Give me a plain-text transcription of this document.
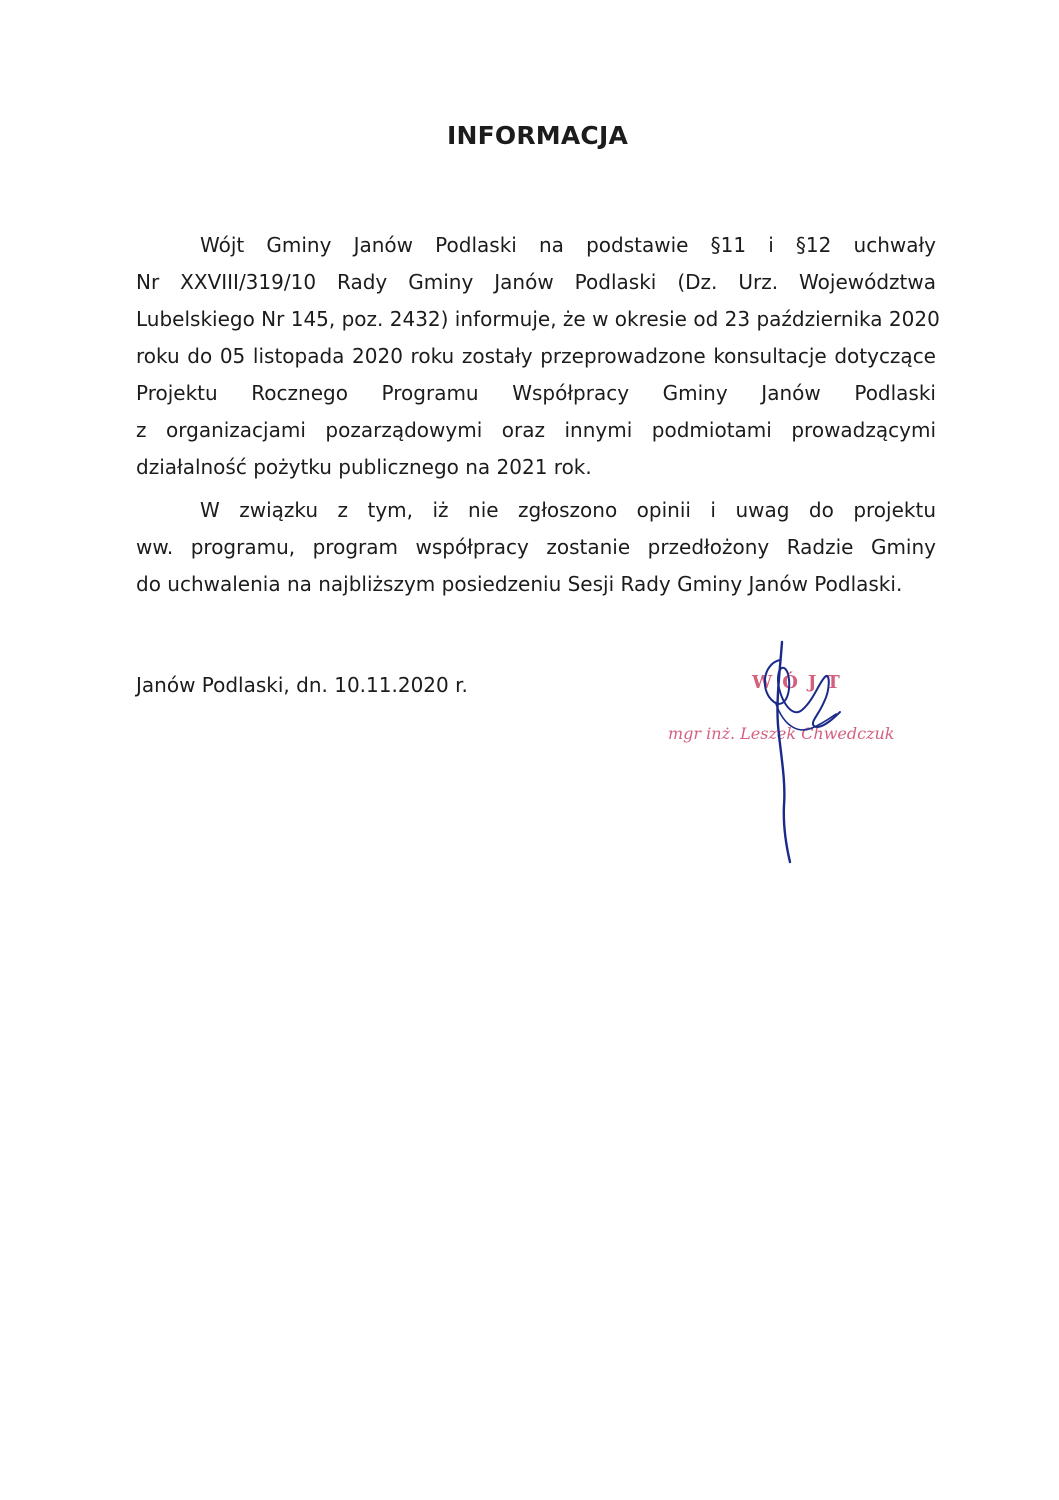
INFORMACJA

Wójt Gminy Janów Podlaski na podstawie §11 i §12 uchwały
Nr XXVIII/319/10 Rady Gminy Janów Podlaski (Dz. Urz. Województwa
Lubelskiego Nr 145, poz. 2432) informuje, że w okresie od 23 października 2020
roku do 05 listopada 2020 roku zostały przeprowadzone konsultacje dotyczące
Projektu Rocznego Programu Współpracy Gminy Janów Podlaski
z organizacjami pozarządowymi oraz innymi podmiotami prowadzącymi
działalność pożytku publicznego na 2021 rok.

W związku z tym, iż nie zgłoszono opinii i uwag do projektu
ww. programu, program współpracy zostanie przedłożony Radzie Gminy
do uchwalenia na najbliższym posiedzeniu Sesji Rady Gminy Janów Podlaski.

Janów Podlaski, dn. 10.11.2020 r.	WÓJT
mgr inż. Leszek Chwedczuk
